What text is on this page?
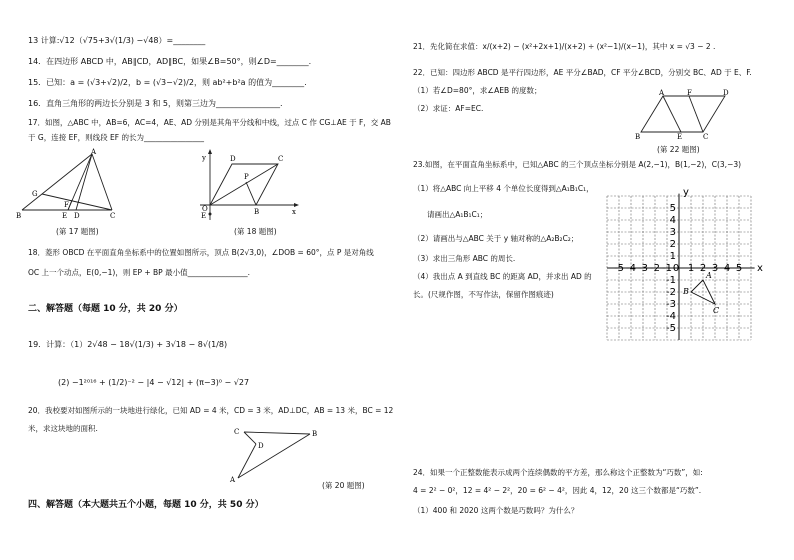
13 计算:√12（√75+3√(1/3) −√48）=________
14．在四边形 ABCD 中，AB∥CD，AD∥BC，如果∠B=50°，则∠D=________.
15．已知：a = (√3+√2)/2，b = (√3−√2)/2，则 ab²+b²a 的值为________.
16．直角三角形的两边长分别是 3 和 5，则第三边为________________.
17．如图，△ABC 中，AB=6，AC=4，AE、AD 分别是其角平分线和中线，过点 C 作 CG⊥AE 于 F，交 AB
于 G，连接 EF，则线段 EF 的长为________________
A
G
B	E
F
D	C
(第 17 题图)
y
O	x
D	C
P
B
E
(第 18 题图)
18．菱形 OBCD 在平面直角坐标系中的位置如图所示，顶点 B(2√3,0)，∠DOB = 60°，点 P 是对角线
OC 上一个动点，E(0,−1)，则 EP + BP 最小值________________.
二、解答题（每题 10 分，共 20 分）
19．计算：（1）2√48 − 18√(1/3) + 3√18 − 8√(1/8)
(2) −1²⁰¹⁶ + (1/2)⁻² − |4 − √12| + (π−3)⁰ − √27
20．我校要对如图所示的一块地进行绿化，已知 AD = 4 米，CD = 3 米，AD⊥DC，AB = 13 米，BC = 12
米，求这块地的面积.	C
D
B
A
(第 20 题图)
四、解答题（本大题共五个小题，每题 10 分，共 50 分）
21．先化简在求值：x/(x+2) − (x²+2x+1)/(x+2) ÷ (x²−1)/(x−1)，其中 x = √3 − 2 .
22．已知：四边形 ABCD 是平行四边形，AE 平分∠BAD，CF 平分∠BCD，分别交 BC、AD 于 E、F.
（1）若∠D=80°，求∠AEB 的度数；
（2）求证：AF=EC.
A	F	D
B	E	C
(第 22 题图)
23.如图，在平面直角坐标系中，已知△ABC 的三个顶点坐标分别是 A(2,−1)，B(1,−2)，C(3,−3)
（1）将△ABC 向上平移 4 个单位长度得到△A₁B₁C₁，
请画出△A₁B₁C₁；
（2）请画出与△ABC 关于 y 轴对称的△A₂B₂C₂；
（3）求出三角形 ABC 的周长.
（4）我出点 A 到直线 BC 的距离 AD，并求出 AD 的
长。(尺规作图，不写作法，保留作图痕迹)
-5 -4 -3 -2 -1 0 1 2 3 4 5
5
4
3
2
1
-1
-2
-3
-4
-5
x
y
A
B
C
24．如果一个正整数能表示成两个连续偶数的平方差，那么称这个正整数为“巧数”，如:
4 = 2² − 0²，12 = 4² − 2²，20 = 6² − 4²，因此 4，12，20 这三个数都是“巧数”.
（1）400 和 2020 这两个数是巧数吗？为什么？
